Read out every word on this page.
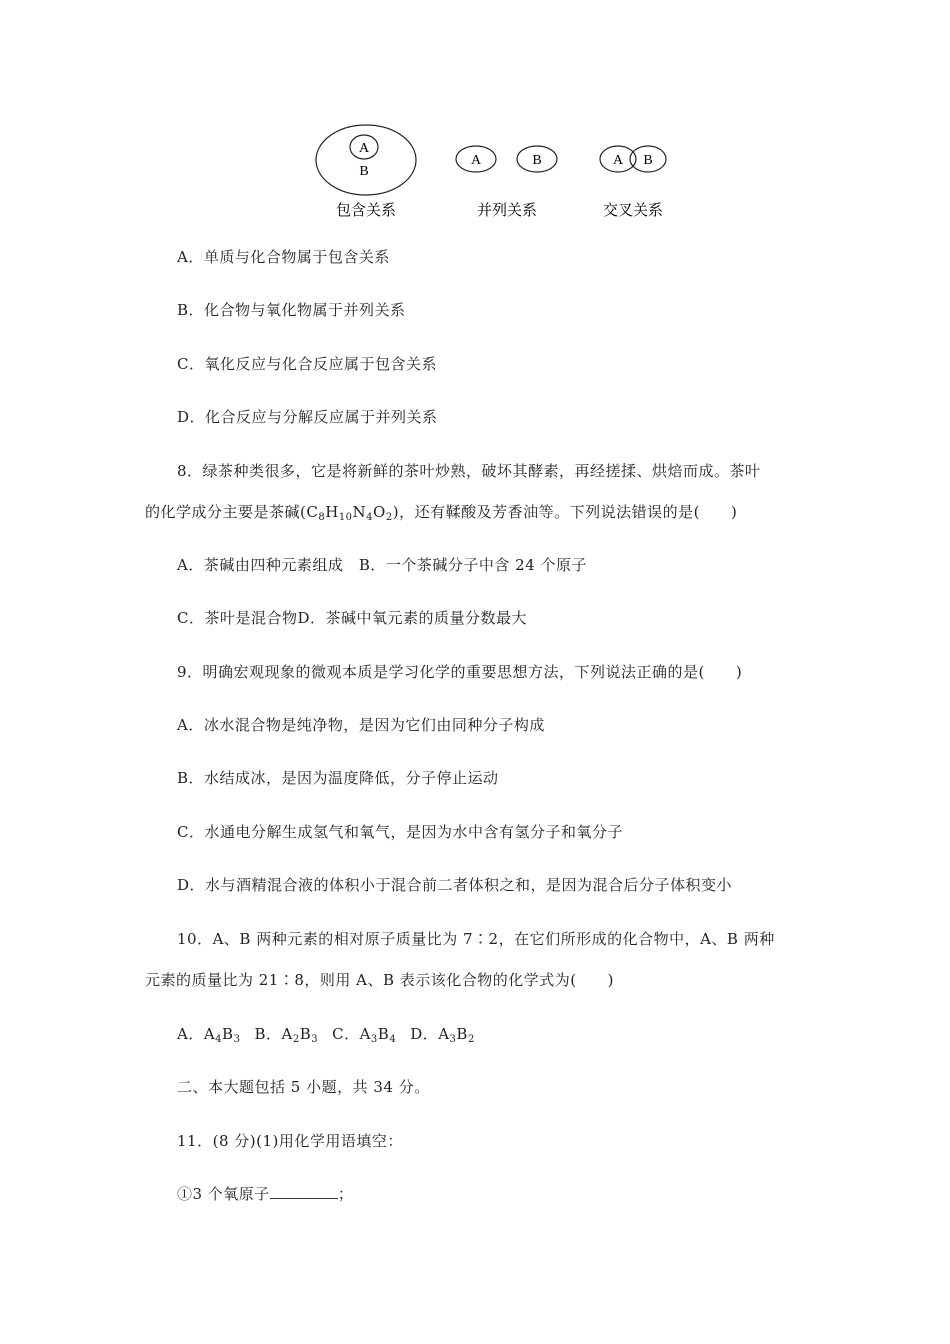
A
B
包含关系
A	B
并列关系
A B
交叉关系
A．单质与化合物属于包含关系
B．化合物与氧化物属于并列关系
C．氧化反应与化合反应属于包含关系
D．化合反应与分解反应属于并列关系
8．绿茶种类很多，它是将新鲜的茶叶炒熟，破坏其酵素，再经搓揉、烘焙而成。茶叶
的化学成分主要是茶碱$(C_8H_{10}N_4O_2)$，还有鞣酸及芳香油等。下列说法错误的是(　　)
A．茶碱由四种元素组成　B．一个茶碱分子中含 24 个原子
C．茶叶是混合物D．茶碱中氧元素的质量分数最大
9．明确宏观现象的微观本质是学习化学的重要思想方法，下列说法正确的是(　　)
A．冰水混合物是纯净物，是因为它们由同种分子构成
B．水结成冰，是因为温度降低，分子停止运动
C．水通电分解生成氢气和氧气，是因为水中含有氢分子和氧分子
D．水与酒精混合液的体积小于混合前二者体积之和，是因为混合后分子体积变小
10．A、B 两种元素的相对原子质量比为 7∶2，在它们所形成的化合物中，A、B 两种
元素的质量比为 21∶8，则用 A、B 表示该化合物的化学式为(　　)
A．$A_4B_3$ B．$A_2B_3$ C．$A_3B_4$ D．$A_3B_2$
二、本大题包括 5 小题，共 34 分。
11．(8 分)(1)用化学用语填空：
①3 个氧原子	；
